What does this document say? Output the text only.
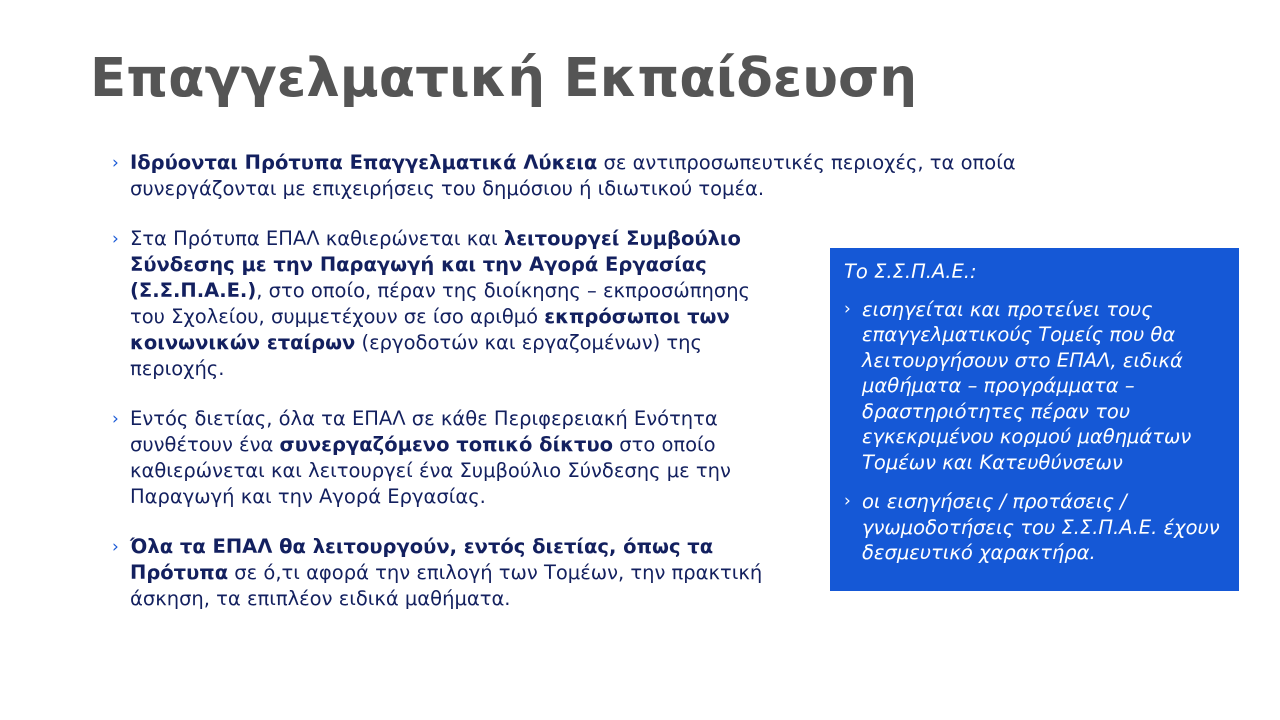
Επαγγελματική Εκπαίδευση
› Ιδρύονται Πρότυπα Επαγγελματικά Λύκεια σε αντιπροσωπευτικές περιοχές, τα οποία συνεργάζονται με επιχειρήσεις του δημόσιου ή ιδιωτικού τομέα.
› Στα Πρότυπα ΕΠΑΛ καθιερώνεται και λειτουργεί Συμβούλιο Σύνδεσης με την Παραγωγή και την Αγορά Εργασίας (Σ.Σ.Π.Α.Ε.), στο οποίο, πέραν της διοίκησης – εκπροσώπησης του Σχολείου, συμμετέχουν σε ίσο αριθμό εκπρόσωποι των κοινωνικών εταίρων (εργοδοτών και εργαζομένων) της περιοχής.
› Εντός διετίας, όλα τα ΕΠΑΛ σε κάθε Περιφερειακή Ενότητα συνθέτουν ένα συνεργαζόμενο τοπικό δίκτυο στο οποίο καθιερώνεται και λειτουργεί ένα Συμβούλιο Σύνδεσης με την Παραγωγή και την Αγορά Εργασίας.
› Όλα τα ΕΠΑΛ θα λειτουργούν, εντός διετίας, όπως τα Πρότυπα σε ό,τι αφορά την επιλογή των Τομέων, την πρακτική άσκηση, τα επιπλέον ειδικά μαθήματα.

Το Σ.Σ.Π.Α.Ε.:

› εισηγείται και προτείνει τους επαγγελματικούς Τομείς που θα λειτουργήσουν στο ΕΠΑΛ, ειδικά μαθήματα – προγράμματα – δραστηριότητες πέραν του εγκεκριμένου κορμού μαθημάτων Τομέων και Κατευθύνσεων
› οι εισηγήσεις / προτάσεις / γνωμοδοτήσεις του Σ.Σ.Π.Α.Ε. έχουν δεσμευτικό χαρακτήρα.
